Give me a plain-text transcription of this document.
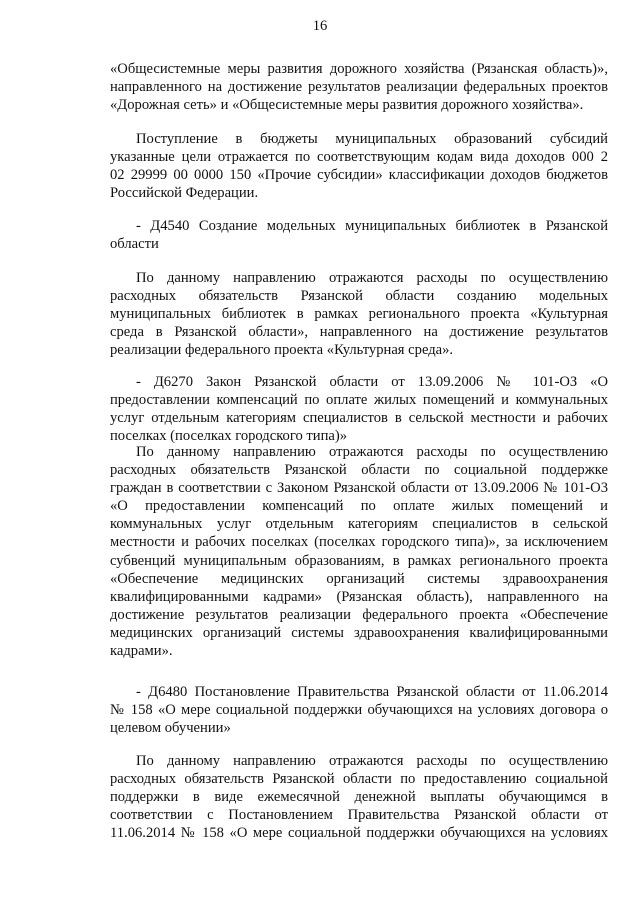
16
«Общесистемные меры развития дорожного хозяйства (Рязанская область)»,
направленного на достижение результатов реализации федеральных проектов
«Дорожная сеть» и «Общесистемные меры развития дорожного хозяйства».
Поступление в бюджеты муниципальных образований субсидий
указанные цели отражается по соответствующим кодам вида доходов 000 2
02 29999 00 0000 150 «Прочие субсидии» классификации доходов бюджетов
Российской Федерации.
- Д4540 Создание модельных муниципальных библиотек в Рязанской
области
По данному направлению отражаются расходы по осуществлению
расходных обязательств Рязанской области созданию модельных
муниципальных библиотек в рамках регионального проекта «Культурная
среда в Рязанской области», направленного на достижение результатов
реализации федерального проекта «Культурная среда».
- Д6270 Закон Рязанской области от 13.09.2006 № 101-ОЗ «О
предоставлении компенсаций по оплате жилых помещений и коммунальных
услуг отдельным категориям специалистов в сельской местности и рабочих
поселках (поселках городского типа)»
По данному направлению отражаются расходы по осуществлению
расходных обязательств Рязанской области по социальной поддержке
граждан в соответствии с Законом Рязанской области от 13.09.2006 № 101-O3
«О предоставлении компенсаций по оплате жилых помещений и
коммунальных услуг отдельным категориям специалистов в сельской
местности и рабочих поселках (поселках городского типа)», за исключением
субвенций муниципальным образованиям, в рамках регионального проекта
«Обеспечение медицинских организаций системы здравоохранения
квалифицированными кадрами» (Рязанская область), направленного на
достижение результатов реализации федерального проекта «Обеспечение
медицинских организаций системы здравоохранения квалифицированными
кадрами».
- Д6480 Постановление Правительства Рязанской области от 11.06.2014
№ 158 «О мере социальной поддержки обучающихся на условиях договора о
целевом обучении»
По данному направлению отражаются расходы по осуществлению
расходных обязательств Рязанской области по предоставлению социальной
поддержки в виде ежемесячной денежной выплаты обучающимся в
соответствии с Постановлением Правительства Рязанской области от
11.06.2014 № 158 «О мере социальной поддержки обучающихся на условиях
